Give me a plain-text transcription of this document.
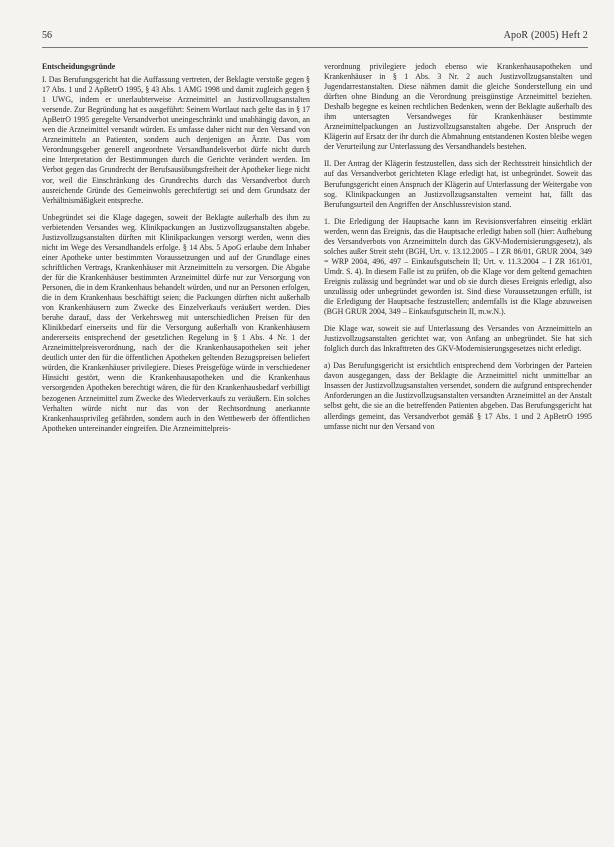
56	ApoR (2005) Heft 2
Entscheidungsgründe

I. Das Berufungsgericht hat die Auffassung vertreten, der Beklagte verstoße gegen § 17 Abs. 1 und 2 ApBetrO 1995, § 43 Abs. 1 AMG 1998 und damit zugleich gegen § 1 UWG, indem er unerlaubterweise Arzneimittel an Justizvollzugsanstalten versende. Zur Begründung hat es ausgeführt: Seinem Wortlaut nach gelte das in § 17 ApBetrO 1995 geregelte Versandverbot uneingeschränkt und unabhängig davon, an wen die Arzneimittel versandt würden. Es umfasse daher nicht nur den Versand von Arzneimitteln an Patienten, sondern auch denjenigen an Ärzte. Das vom Verordnungsgeber generell angeordnete Versandhandelsverbot dürfe nicht durch eine Interpretation der Bestimmungen durch die Gerichte verändert werden. Im Verbot gegen das Grundrecht der Berufsausübungsfreiheit der Apotheker liege nicht vor, weil die Einschränkung des Grundrechts durch das Versandverbot durch ausreichende Gründe des Gemeinwohls gerechtfertigt sei und dem Grundsatz der Verhältnismäßigkeit entspreche.

Unbegründet sei die Klage dagegen, soweit der Beklagte außerhalb des ihm zu verbietenden Versandes weg. Klinikpackungen an Justizvollzugsanstalten abgebe. Justizvollzugsanstalten dürften mit Klinikpackungen versorgt werden, wenn dies nicht im Wege des Versandhandels erfolge. § 14 Abs. 5 ApoG erlaube dem Inhaber einer Apotheke unter bestimmten Voraussetzungen und auf der Grundlage eines schriftlichen Vertrags, Krankenhäuser mit Arzneimitteln zu versorgen. Die Abgabe der für die Krankenhäuser bestimmten Arzneimittel dürfe nur zur Versorgung von Personen, die in dem Krankenhaus behandelt würden, und nur an Personen erfolgen, die in dem Krankenhaus beschäftigt seien; die Packungen dürften nicht außerhalb von Krankenhäusern zum Zwecke des Einzelverkaufs veräußert werden. Dies beruhe darauf, dass der Verkehrsweg mit unterschiedlichen Preisen für den Klinikbedarf einerseits und für die Versorgung außerhalb von Krankenhäusern andererseits entsprechend der gesetzlichen Regelung in § 1 Abs. 4 Nr. 1 der Arzneimittelpreisverordnung, nach der die Krankenhausapotheken seit jeher deutlich unter den für die öffentlichen Apotheken geltenden Bezugspreisen beliefert würden, die Krankenhäuser privilegiere. Dieses Preisgefüge würde in verschiedener Hinsicht gestört, wenn die Krankenhausapotheken und die Krankenhaus versorgenden Apotheken berechtigt wären, die für den Krankenhausbedarf verbilligt bezogenen Arzneimittel zum Zwecke des Wiederverkaufs zu veräußern. Ein solches Verhalten würde nicht nur das von der Rechtsordnung anerkannte Krankenhausprivileg gefährden, sondern auch in den Wettbewerb der öffentlichen Apotheken untereinander eingreifen. Die Arzneimittelpreis-

verordnung privilegiere jedoch ebenso wie Krankenhausapotheken und Krankenhäuser in § 1 Abs. 3 Nr. 2 auch Justizvollzugsanstalten und Jugendarrestanstalten. Diese nähmen damit die gleiche Sonderstellung ein und dürften ohne Bindung an die Verordnung preisgünstige Arzneimittel beziehen. Deshalb begegne es keinen rechtlichen Bedenken, wenn der Beklagte außerhalb des ihm untersagten Versandweges für Krankenhäuser bestimmte Arzneimittelpackungen an Justizvollzugsanstalten abgebe. Der Anspruch der Klägerin auf Ersatz der ihr durch die Abmahnung entstandenen Kosten bleibe wegen der Verurteilung zur Unterlassung des Versandhandels bestehen.

II. Der Antrag der Klägerin festzustellen, dass sich der Rechtsstreit hinsichtlich der auf das Versandverbot gerichteten Klage erledigt hat, ist unbegründet. Soweit das Berufungsgericht einen Anspruch der Klägerin auf Unterlassung der Weitergabe von sog. Klinikpackungen an Justizvollzugsanstalten verneint hat, fällt das Berufungsurteil den Angriffen der Anschlussrevision stand.

1. Die Erledigung der Hauptsache kann im Revisionsverfahren einseitig erklärt werden, wenn das Ereignis, das die Hauptsache erledigt haben soll (hier: Aufhebung des Versandverbots von Arzneimitteln durch das GKV-Modernisierungsgesetz), als solches außer Streit steht (BGH, Urt. v. 13.12.2005 – I ZR 86/01, GRUR 2004, 349 = WRP 2004, 496, 497 – Einkaufsgutschein II; Urt. v. 11.3.2004 – I ZR 161/01, Umdr. S. 4). In diesem Falle ist zu prüfen, ob die Klage vor dem geltend gemachten Ereignis zulässig und begründet war und ob sie durch dieses Ereignis erledigt, also unzulässig oder unbegründet geworden ist. Sind diese Voraussetzungen erfüllt, ist die Erledigung der Hauptsache festzustellen; andernfalls ist die Klage abzuweisen (BGH GRUR 2004, 349 – Einkaufsgutschein II, m.w.N.).

Die Klage war, soweit sie auf Unterlassung des Versandes von Arzneimitteln an Justizvollzugsanstalten gerichtet war, von Anfang an unbegründet. Sie hat sich folglich durch das Inkrafttreten des GKV-Modernisierungsgesetzes nicht erledigt.

a) Das Berufungsgericht ist ersichtlich entsprechend dem Vorbringen der Parteien davon ausgegangen, dass der Beklagte die Arzneimittel nicht unmittelbar an Insassen der Justizvollzugsanstalten versendet, sondern die aufgrund entsprechender Anforderungen an die Justizvollzugsanstalten versandten Arzneimittel an der Anstalt selbst geht, die sie an die betreffenden Patienten abgeben. Das Berufungsgericht hat allerdings gemeint, das Versandverbot gemäß § 17 Abs. 1 und 2 ApBetrO 1995 umfasse nicht nur den Versand von
